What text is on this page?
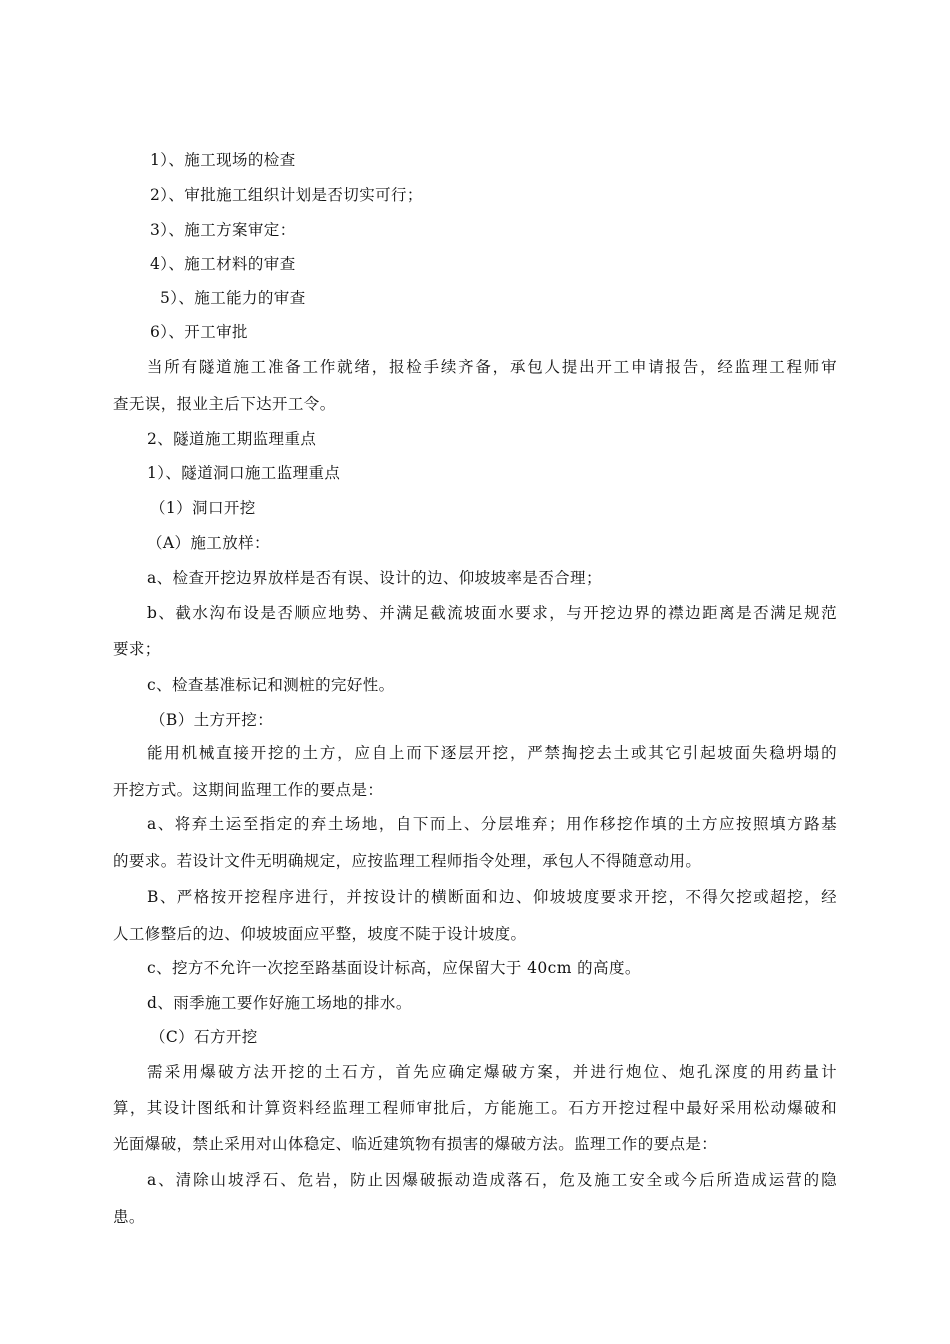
1）、施工现场的检查
2）、审批施工组织计划是否切实可行；
3）、施工方案审定：
4）、施工材料的审查
5）、施工能力的审查
6）、开工审批
当所有隧道施工准备工作就绪，报检手续齐备，承包人提出开工申请报告，经监理工程师审
查无误，报业主后下达开工令。
2、隧道施工期监理重点
1）、隧道洞口施工监理重点
（1）洞口开挖
（A）施工放样：
a、检查开挖边界放样是否有误、设计的边、仰坡坡率是否合理；
b、截水沟布设是否顺应地势、并满足截流坡面水要求，与开挖边界的襟边距离是否满足规范
要求；
c、检查基准标记和测桩的完好性。
（B）土方开挖：
能用机械直接开挖的土方，应自上而下逐层开挖，严禁掏挖去土或其它引起坡面失稳坍塌的
开挖方式。这期间监理工作的要点是：
a、将弃土运至指定的弃土场地，自下而上、分层堆弃；用作移挖作填的土方应按照填方路基
的要求。若设计文件无明确规定，应按监理工程师指令处理，承包人不得随意动用。
B、严格按开挖程序进行，并按设计的横断面和边、仰坡坡度要求开挖，不得欠挖或超挖，经
人工修整后的边、仰坡坡面应平整，坡度不陡于设计坡度。
c、挖方不允许一次挖至路基面设计标高，应保留大于 40cm 的高度。
d、雨季施工要作好施工场地的排水。
（C）石方开挖
需采用爆破方法开挖的土石方，首先应确定爆破方案，并进行炮位、炮孔深度的用药量计
算，其设计图纸和计算资料经监理工程师审批后，方能施工。石方开挖过程中最好采用松动爆破和
光面爆破，禁止采用对山体稳定、临近建筑物有损害的爆破方法。监理工作的要点是：
a、清除山坡浮石、危岩，防止因爆破振动造成落石，危及施工安全或今后所造成运营的隐
患。
